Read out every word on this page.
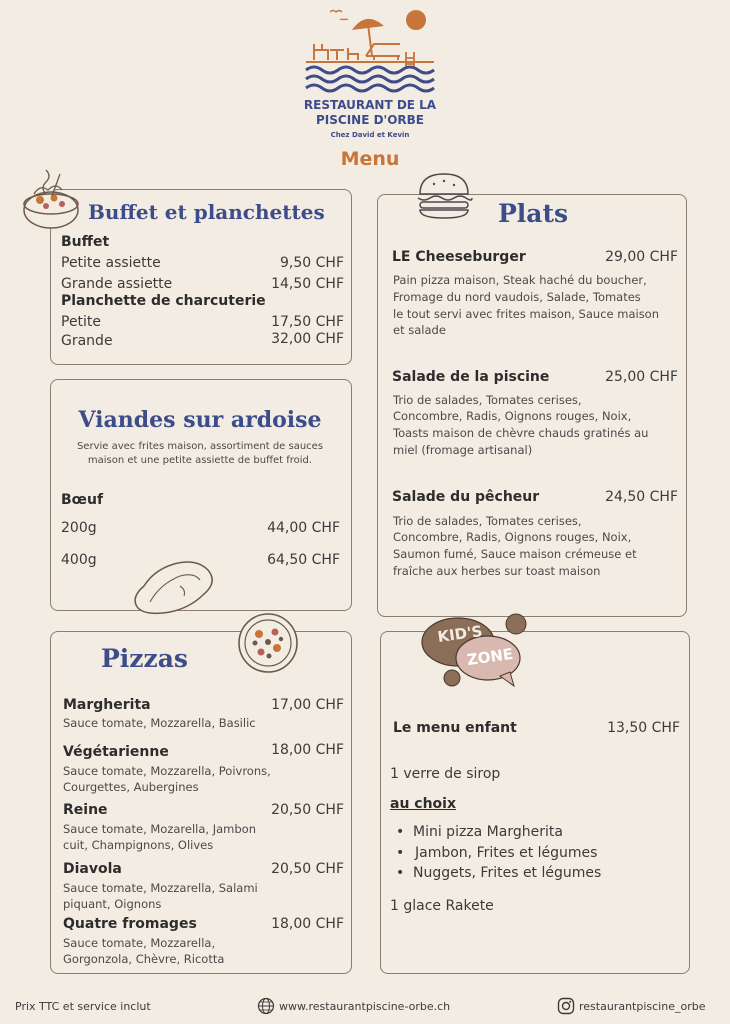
RESTAURANT DE LA
PISCINE D'ORBE
Chez David et Kevin
Menu
Buffet et planchettes
Buffet
Petite assiette	9,50 CHF
Grande assiette	14,50 CHF
Planchette de charcuterie
Petite	17,50 CHF
Grande	32,00 CHF
Viandes sur ardoise
Servie avec frites maison, assortiment de sauces
maison et une petite assiette de buffet froid.
Bœuf
200g	44,00 CHF
400g	64,50 CHF
Pizzas
Margherita	17,00 CHF
Sauce tomate, Mozzarella, Basilic
Végétarienne	18,00 CHF
Sauce tomate, Mozzarella, Poivrons,
Courgettes, Aubergines
Reine	20,50 CHF
Sauce tomate, Mozarella, Jambon
cuit, Champignons, Olives
Diavola	20,50 CHF
Sauce tomate, Mozzarella, Salami
piquant, Oignons
Quatre fromages	18,00 CHF
Sauce tomate, Mozzarella,
Gorgonzola, Chèvre, Ricotta
Plats
LE Cheeseburger	29,00 CHF
Pain pizza maison, Steak haché du boucher,
Fromage du nord vaudois, Salade, Tomates
le tout servi avec frites maison, Sauce maison
et salade
Salade de la piscine	25,00 CHF
Trio de salades, Tomates cerises,
Concombre, Radis, Oignons rouges, Noix,
Toasts maison de chèvre chauds gratinés au
miel (fromage artisanal)
Salade du pêcheur	24,50 CHF
Trio de salades, Tomates cerises,
Concombre, Radis, Oignons rouges, Noix,
Saumon fumé, Sauce maison crémeuse et
fraîche aux herbes sur toast maison
KID'S
ZONE
Le menu enfant	13,50 CHF
1 verre de sirop
au choix
• Mini pizza Margherita
• Jambon, Frites et légumes
• Nuggets, Frites et légumes
1 glace Rakete
Prix TTC et service inclut	www.restaurantpiscine-orbe.ch	restaurantpiscine_orbe
